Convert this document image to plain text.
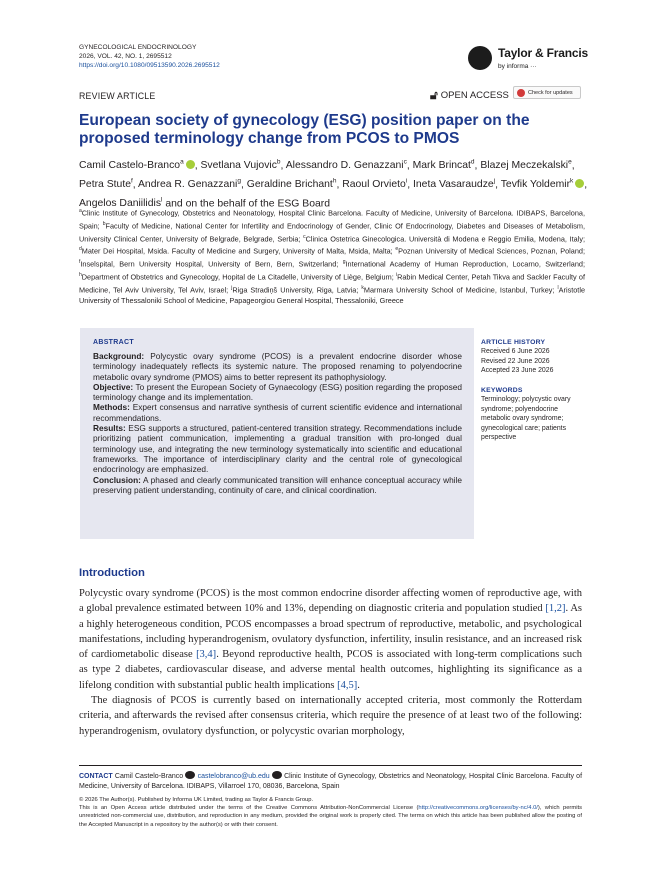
GYNECOLOGICAL ENDOCRINOLOGY
2026, VOL. 42, NO. 1, 2695512
https://doi.org/10.1080/09513590.2026.2695512
Taylor & Francis
by informa ···
REVIEW ARTICLE	🔓︎ OPEN ACCESS	Check for updates
European society of gynecology (ESG) position paper on the proposed terminology change from PCOS to PMOS
Camil Castelo-Branco$^a$ , Svetlana Vujovic$^b$, Alessandro D. Genazzani$^c$, Mark Brincat$^d$, Blazej Meczekalski$^e$, Petra Stute$^f$, Andrea R. Genazzani$^g$, Geraldine Brichant$^h$, Raoul Orvieto$^i$, Ineta Vasaraudze$^j$, Tevfik Yoldemir$^k$ , Angelos Daniilidis$^l$ and on the behalf of the ESG Board
$^a$Clinic Institute of Gynecology, Obstetrics and Neonatology, Hospital Clinic Barcelona. Faculty of Medicine, University of Barcelona. IDIBAPS, Barcelona, Spain; $^b$Faculty of Medicine, National Center for Infertility and Endocrinology of Gender, Clinic Of Endocrinology, Diabetes and Diseases of Metabolism, University Clinical Center, University of Belgrade, Belgrade, Serbia; $^c$Clinica Ostetrica Ginecologica. Università di Modena e Reggio Emilia, Modena, Italy; $^d$Mater Dei Hospital, Msida. Faculty of Medicine and Surgery, University of Malta, Msida, Malta; $^e$Poznan University of Medical Sciences, Poznan, Poland; $^f$Inselspital, Bern University Hospital, University of Bern, Bern, Switzerland; $^g$International Academy of Human Reproduction, Locarno, Switzerland; $^h$Department of Obstetrics and Gynecology, Hopital de La Citadelle, University of Liège, Belgium; $^i$Rabin Medical Center, Petah Tikva and Sackler Faculty of Medicine, Tel Aviv University, Tel Aviv, Israel; $^j$Riga Stradiņš University, Riga, Latvia; $^k$Marmara University School of Medicine, Istanbul, Turkey; $^l$Aristotle University of Thessaloniki School of Medicine, Papageorgiou General Hospital, Thessaloniki, Greece
ABSTRACT

Background: Polycystic ovary syndrome (PCOS) is a prevalent endocrine disorder whose terminology inadequately reflects its systemic nature. The proposed renaming to polyendocrine metabolic ovary syndrome (PMOS) aims to better represent its pathophysiology.

Objective: To present the European Society of Gynaecology (ESG) position regarding the proposed terminology change and its implementation.

Methods: Expert consensus and narrative synthesis of current scientific evidence and international recommendations.

Results: ESG supports a structured, patient-centered transition strategy. Recommendations include prioritizing patient communication, implementing a gradual transition with pro-longed dual terminology use, and integrating the new terminology systematically into scientific and educational frameworks. The importance of interdisciplinary clarity and the central role of gynecological endocrinology are emphasized.

Conclusion: A phased and clearly communicated transition will enhance conceptual accuracy while preserving patient understanding, continuity of care, and clinical coordination.

ARTICLE HISTORY
Received 6 June 2026
Revised 22 June 2026
Accepted 23 June 2026
KEYWORDS
Terminology; polycystic ovary syndrome; polyendocrine metabolic ovary syndrome; gynecological care; patients perspective
Introduction

Polycystic ovary syndrome (PCOS) is the most common endocrine disorder affecting women of reproductive age, with a global prevalence estimated between 10% and 13%, depending on diagnostic criteria and population studied [1,2]. As a highly heterogeneous condition, PCOS encompasses a broad spectrum of reproductive, metabolic, and psychological manifestations, including hyperandrogenism, ovulatory dysfunction, infertility, insulin resistance, and an increased risk of cardiometabolic disease [3,4]. Beyond reproductive health, PCOS is associated with long-term complications such as type 2 diabetes, cardiovascular disease, and adverse mental health outcomes, highlighting its significance as a lifelong condition with substantial public health implications [4,5].

The diagnosis of PCOS is currently based on internationally accepted criteria, most commonly the Rotterdam criteria, and afterwards the revised after consensus criteria, which require the presence of at least two of the following: hyperandrogenism, ovulatory dysfunction, or polycystic ovarian morphology,

CONTACT Camil Castelo-Branco castelobranco@ub.edu Clinic Institute of Gynecology, Obstetrics and Neonatology, Hospital Clinic Barcelona. Faculty of Medicine, University of Barcelona. IDIBAPS, Villarroel 170, 08036, Barcelona, Spain
© 2026 The Author(s). Published by Informa UK Limited, trading as Taylor & Francis Group.
This is an Open Access article distributed under the terms of the Creative Commons Attribution-NonCommercial License (http://creativecommons.org/licenses/by-nc/4.0/), which permits unrestricted non-commercial use, distribution, and reproduction in any medium, provided the original work is properly cited. The terms on which this article has been published allow the posting of the Accepted Manuscript in a repository by the author(s) or with their consent.
